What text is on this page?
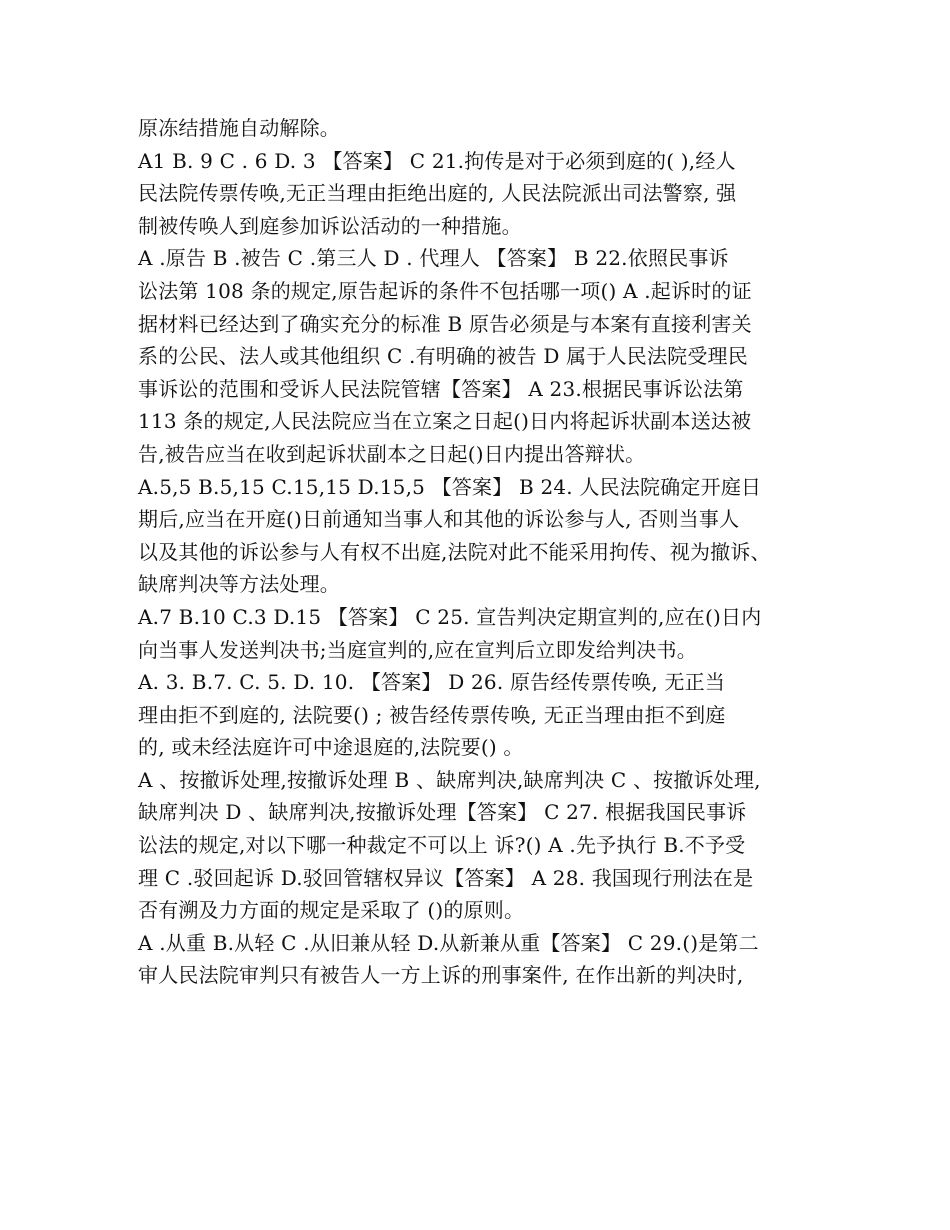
原冻结措施自动解除。
A1 B. 9 C . 6 D. 3 【答案】 C 21.拘传是对于必须到庭的( ),经人
民法院传票传唤,无正当理由拒绝出庭的, 人民法院派出司法警察, 强
制被传唤人到庭参加诉讼活动的一种措施。
A .原告 B .被告 C .第三人 D . 代理人 【答案】 B 22.依照民事诉
讼法第 108 条的规定,原告起诉的条件不包括哪一项() A .起诉时的证
据材料已经达到了确实充分的标准 B 原告必须是与本案有直接利害关
系的公民、法人或其他组织 C .有明确的被告 D 属于人民法院受理民
事诉讼的范围和受诉人民法院管辖【答案】 A 23.根据民事诉讼法第
113 条的规定,人民法院应当在立案之日起()日内将起诉状副本送达被
告,被告应当在收到起诉状副本之日起()日内提出答辩状。
A.5,5 B.5,15 C.15,15 D.15,5 【答案】 B 24. 人民法院确定开庭日
期后,应当在开庭()日前通知当事人和其他的诉讼参与人, 否则当事人
以及其他的诉讼参与人有权不出庭,法院对此不能采用拘传、视为撤诉、
缺席判决等方法处理。
A.7 B.10 C.3 D.15 【答案】 C 25. 宣告判决定期宣判的,应在()日内
向当事人发送判决书;当庭宣判的,应在宣判后立即发给判决书。
A. 3. B.7. C. 5. D. 10. 【答案】 D 26. 原告经传票传唤, 无正当
理由拒不到庭的, 法院要() ; 被告经传票传唤, 无正当理由拒不到庭
的, 或未经法庭许可中途退庭的,法院要() 。
A 、按撤诉处理,按撤诉处理 B 、缺席判决,缺席判决 C 、按撤诉处理,
缺席判决 D 、缺席判决,按撤诉处理【答案】 C 27. 根据我国民事诉
讼法的规定,对以下哪一种裁定不可以上 诉?() A .先予执行 B.不予受
理 C .驳回起诉 D.驳回管辖权异议【答案】 A 28. 我国现行刑法在是
否有溯及力方面的规定是采取了 ()的原则。
A .从重 B.从轻 C .从旧兼从轻 D.从新兼从重【答案】 C 29.()是第二
审人民法院审判只有被告人一方上诉的刑事案件, 在作出新的判决时,
